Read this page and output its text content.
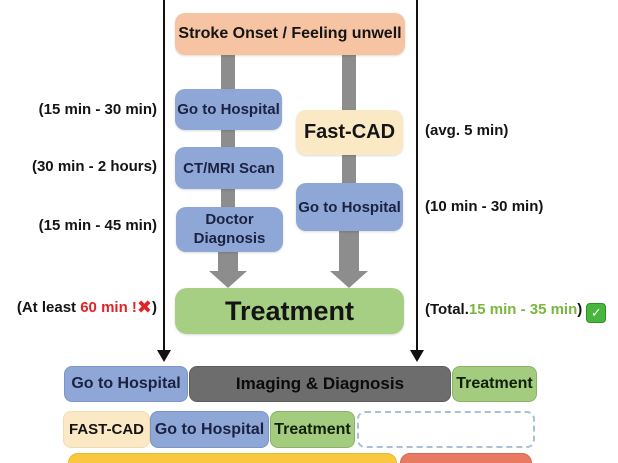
Stroke Onset / Feeling unwell
Go to Hospital
CT/MRI Scan
Doctor Diagnosis
Fast-CAD
Go to Hospital
Treatment
(15 min - 30 min)
(30 min - 2 hours)
(15 min - 45 min)
(At least 60 min !✖)
(avg. 5 min)
(10 min - 30 min)
(Total.15 min - 35 min) ✓
Go to Hospital	Imaging & Diagnosis	Treatment
FAST-CAD Go to Hospital Treatment
